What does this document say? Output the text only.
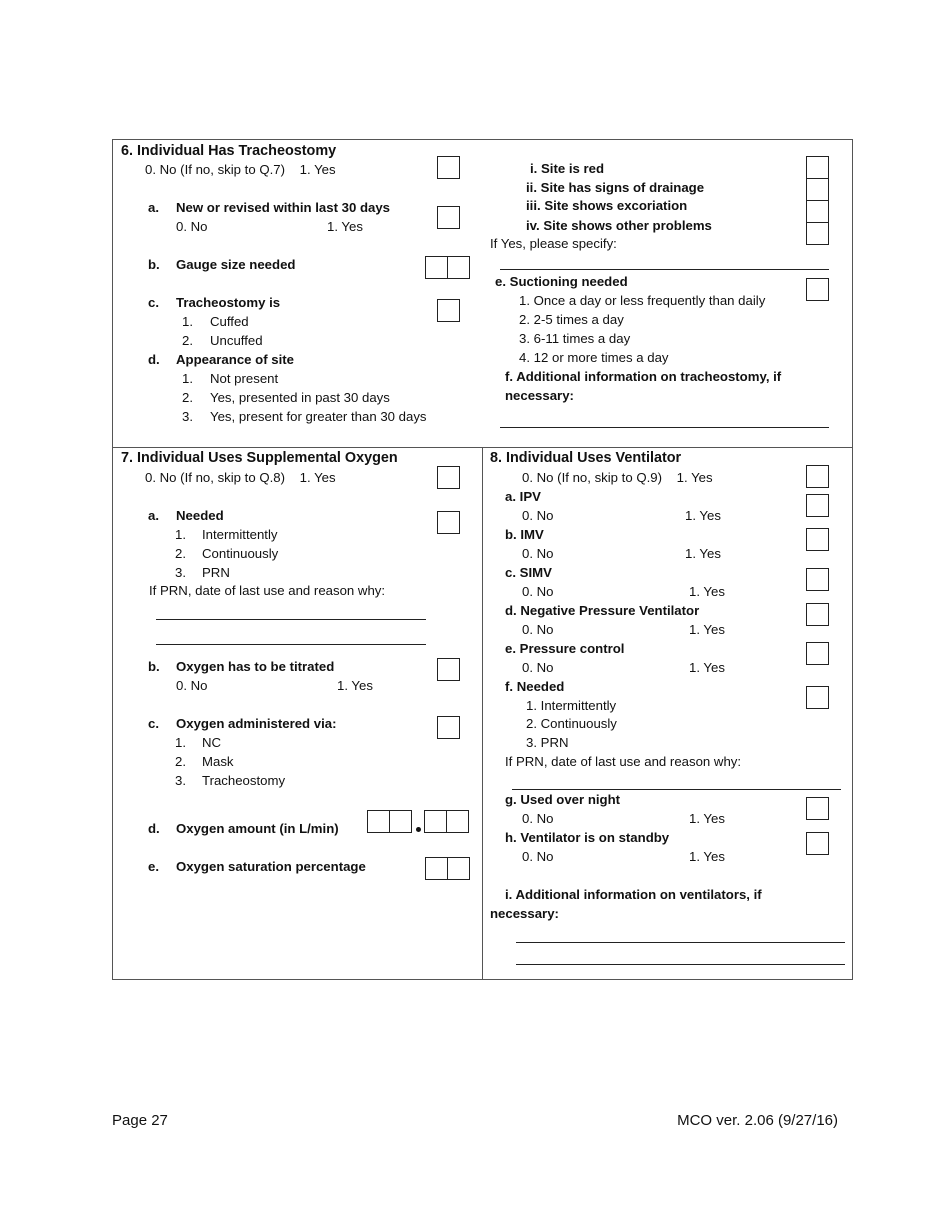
6. Individual Has Tracheostomy
0. No (If no, skip to Q.7)    1. Yes
a. New or revised within last 30 days
0. No	1. Yes
b. Gauge size needed
c. Tracheostomy is
1. Cuffed
2. Uncuffed
d. Appearance of site
1. Not present
2. Yes, presented in past 30 days
3. Yes, present for greater than 30 days
i. Site is red
ii. Site has signs of drainage
iii. Site shows excoriation
iv. Site shows other problems
If Yes, please specify:
e. Suctioning needed
1. Once a day or less frequently than daily
2. 2-5 times a day
3. 6-11 times a day
4. 12 or more times a day
f. Additional information on tracheostomy, if
necessary:
7. Individual Uses Supplemental Oxygen
0. No (If no, skip to Q.8)    1. Yes
a. Needed
1. Intermittently
2. Continuously
3. PRN
If PRN, date of last use and reason why:
b. Oxygen has to be titrated
0. No	1. Yes
c. Oxygen administered via:
1. NC
2. Mask
3. Tracheostomy
d. Oxygen amount (in L/min)
e. Oxygen saturation percentage
8. Individual Uses Ventilator
0. No (If no, skip to Q.9)    1. Yes
a. IPV
0. No	1. Yes
b. IMV
0. No	1. Yes
c. SIMV
0. No	1. Yes
d. Negative Pressure Ventilator
0. No	1. Yes
e. Pressure control
0. No	1. Yes
f. Needed
1. Intermittently
2. Continuously
3. PRN
If PRN, date of last use and reason why:
g. Used over night
0. No	1. Yes
h. Ventilator is on standby
0. No	1. Yes
i. Additional information on ventilators, if
necessary:
Page 27	MCO ver. 2.06 (9/27/16)
